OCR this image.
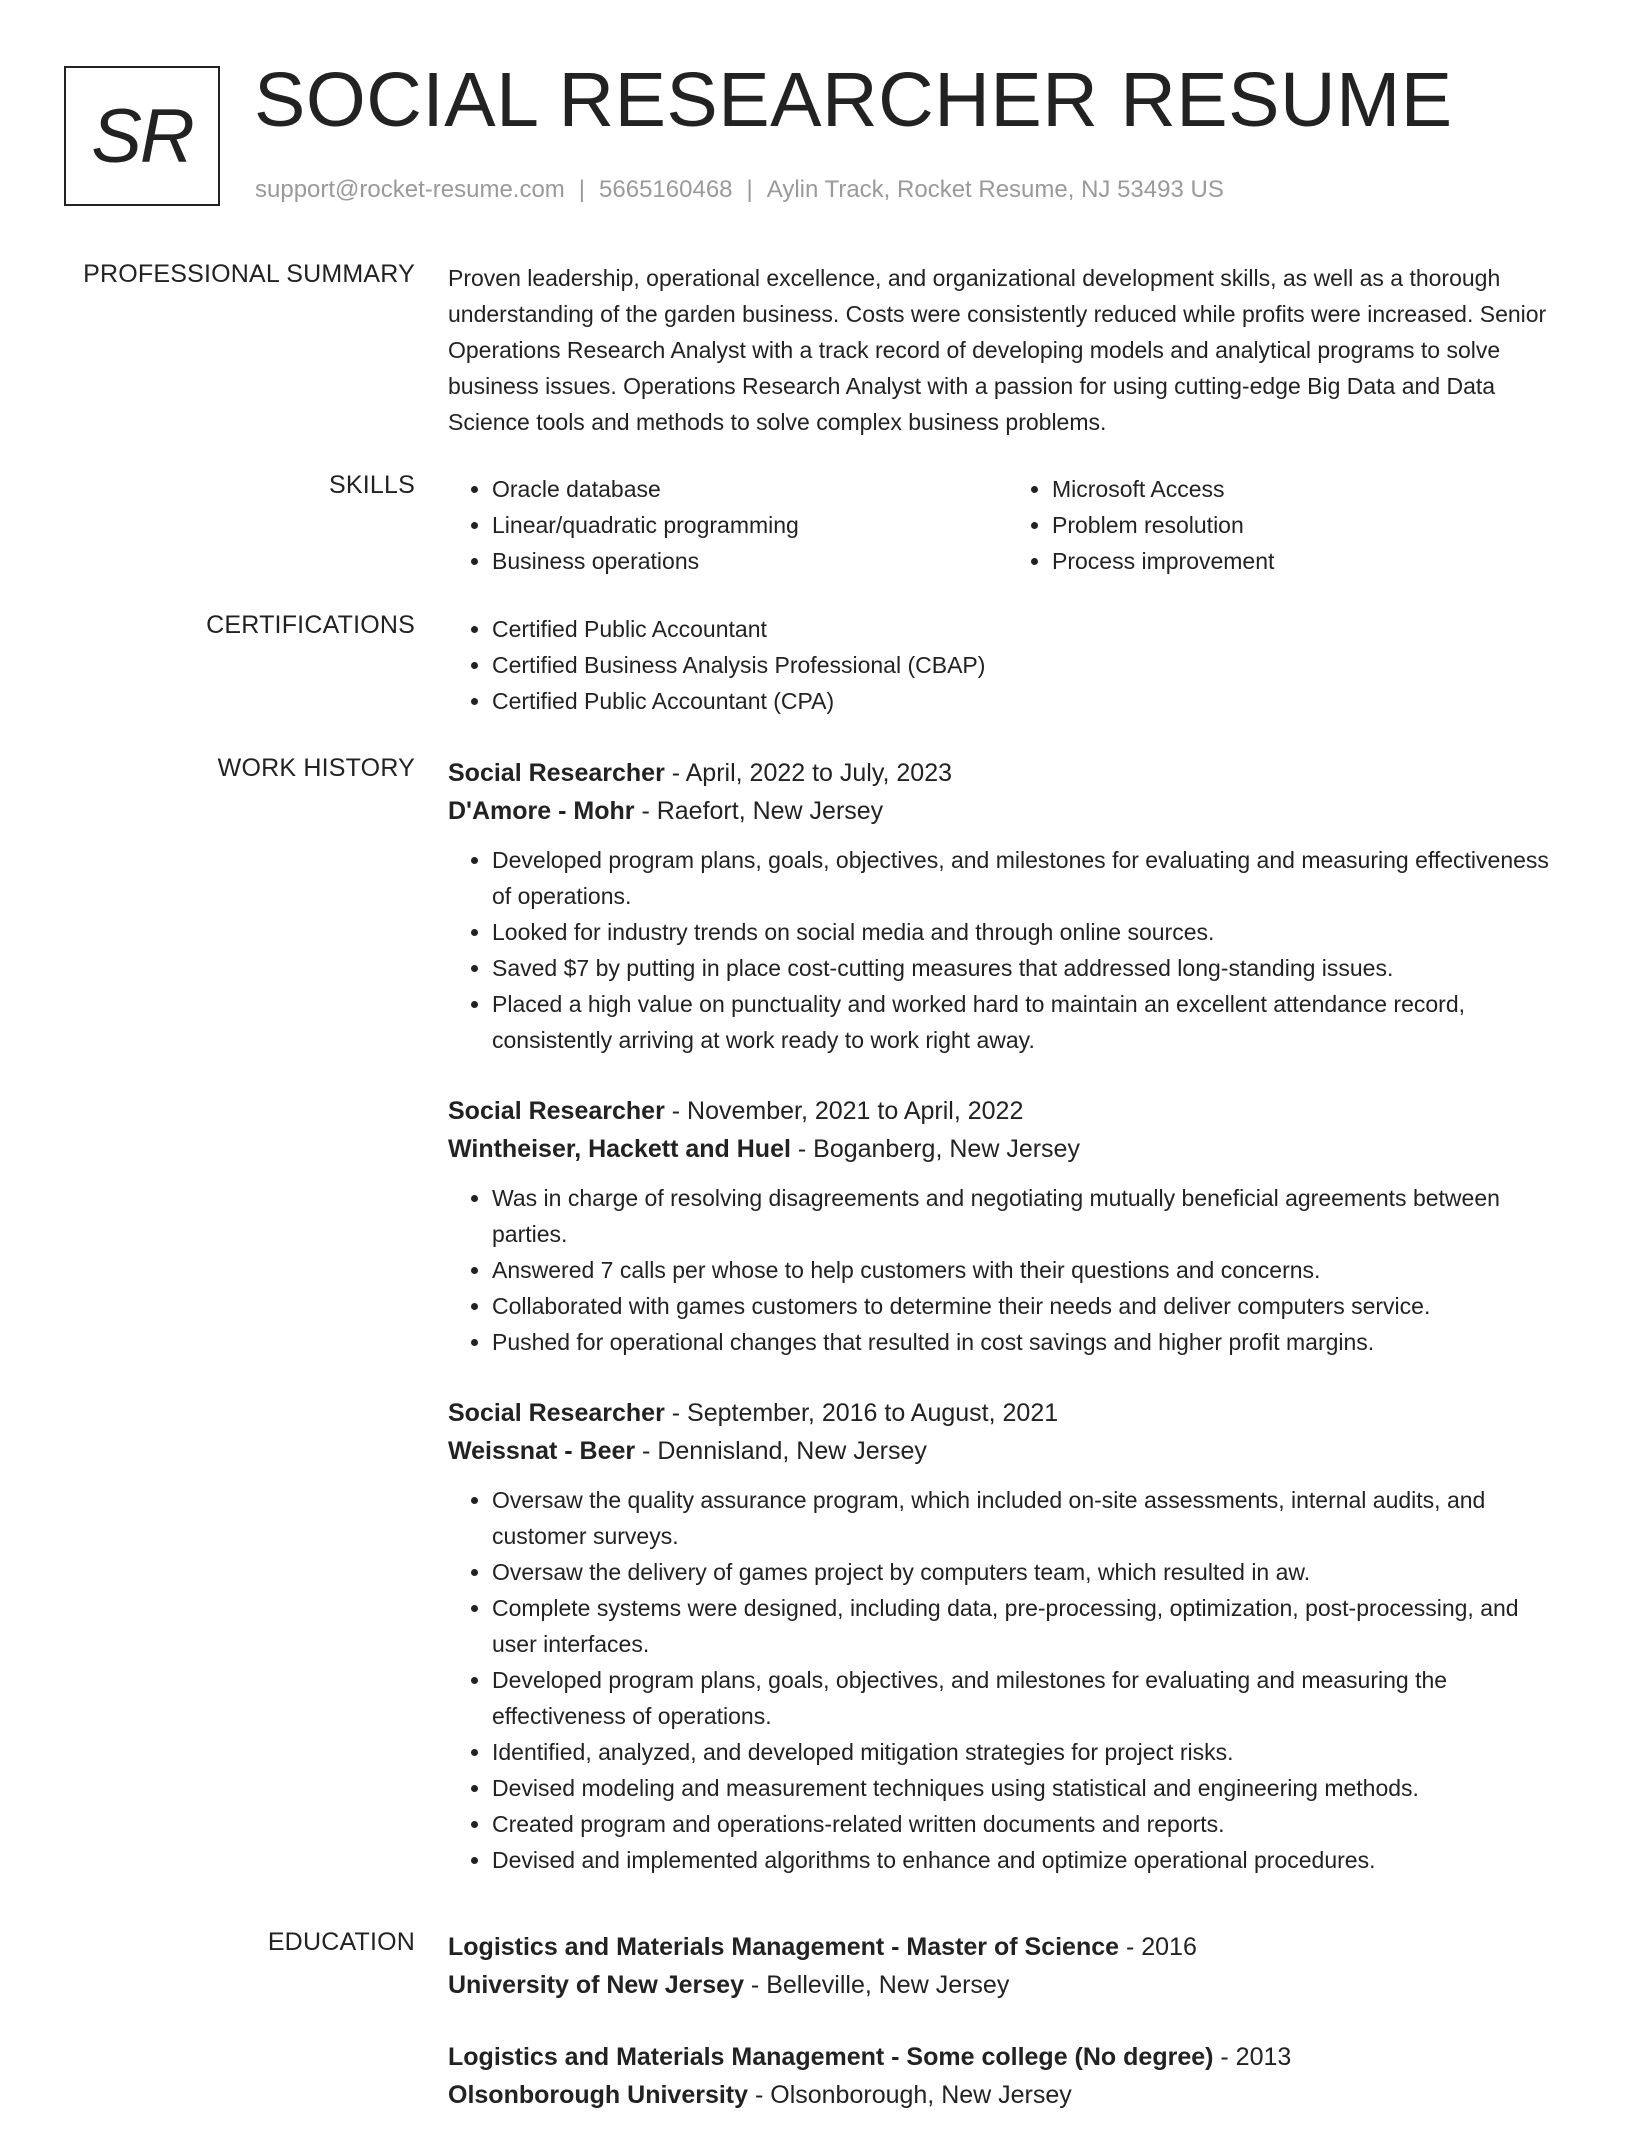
SR SOCIAL RESEARCHER RESUME
support@rocket-resume.com | 5665160468 | Aylin Track, Rocket Resume, NJ 53493 US
PROFESSIONAL SUMMARY Proven leadership, operational excellence, and organizational development skills, as well as a thorough understanding of the garden business. Costs were consistently reduced while profits were increased. Senior Operations Research Analyst with a track record of developing models and analytical programs to solve business issues. Operations Research Analyst with a passion for using cutting-edge Big Data and Data Science tools and methods to solve complex business problems.

SKILLS	• Oracle database
• Linear/quadratic programming
• Business operations
• Microsoft Access
• Problem resolution
• Process improvement
CERTIFICATIONS	• Certified Public Accountant
• Certified Business Analysis Professional (CBAP)
• Certified Public Accountant (CPA)
WORK HISTORY Social Researcher - April, 2022 to July, 2023
D'Amore - Mohr - Raefort, New Jersey
• Developed program plans, goals, objectives, and milestones for evaluating and measuring effectiveness of operations.
• Looked for industry trends on social media and through online sources.
• Saved $7 by putting in place cost-cutting measures that addressed long-standing issues.
• Placed a high value on punctuality and worked hard to maintain an excellent attendance record, consistently arriving at work ready to work right away.
Social Researcher - November, 2021 to April, 2022
Wintheiser, Hackett and Huel - Boganberg, New Jersey
• Was in charge of resolving disagreements and negotiating mutually beneficial agreements between parties.
• Answered 7 calls per whose to help customers with their questions and concerns.
• Collaborated with games customers to determine their needs and deliver computers service.
• Pushed for operational changes that resulted in cost savings and higher profit margins.
Social Researcher - September, 2016 to August, 2021
Weissnat - Beer - Dennisland, New Jersey
• Oversaw the quality assurance program, which included on-site assessments, internal audits, and customer surveys.
• Oversaw the delivery of games project by computers team, which resulted in aw.
• Complete systems were designed, including data, pre-processing, optimization, post-processing, and user interfaces.
• Developed program plans, goals, objectives, and milestones for evaluating and measuring the effectiveness of operations.
• Identified, analyzed, and developed mitigation strategies for project risks.
• Devised modeling and measurement techniques using statistical and engineering methods.
• Created program and operations-related written documents and reports.
• Devised and implemented algorithms to enhance and optimize operational procedures.
EDUCATION Logistics and Materials Management - Master of Science - 2016
University of New Jersey - Belleville, New Jersey
Logistics and Materials Management - Some college (No degree) - 2013
Olsonborough University - Olsonborough, New Jersey
